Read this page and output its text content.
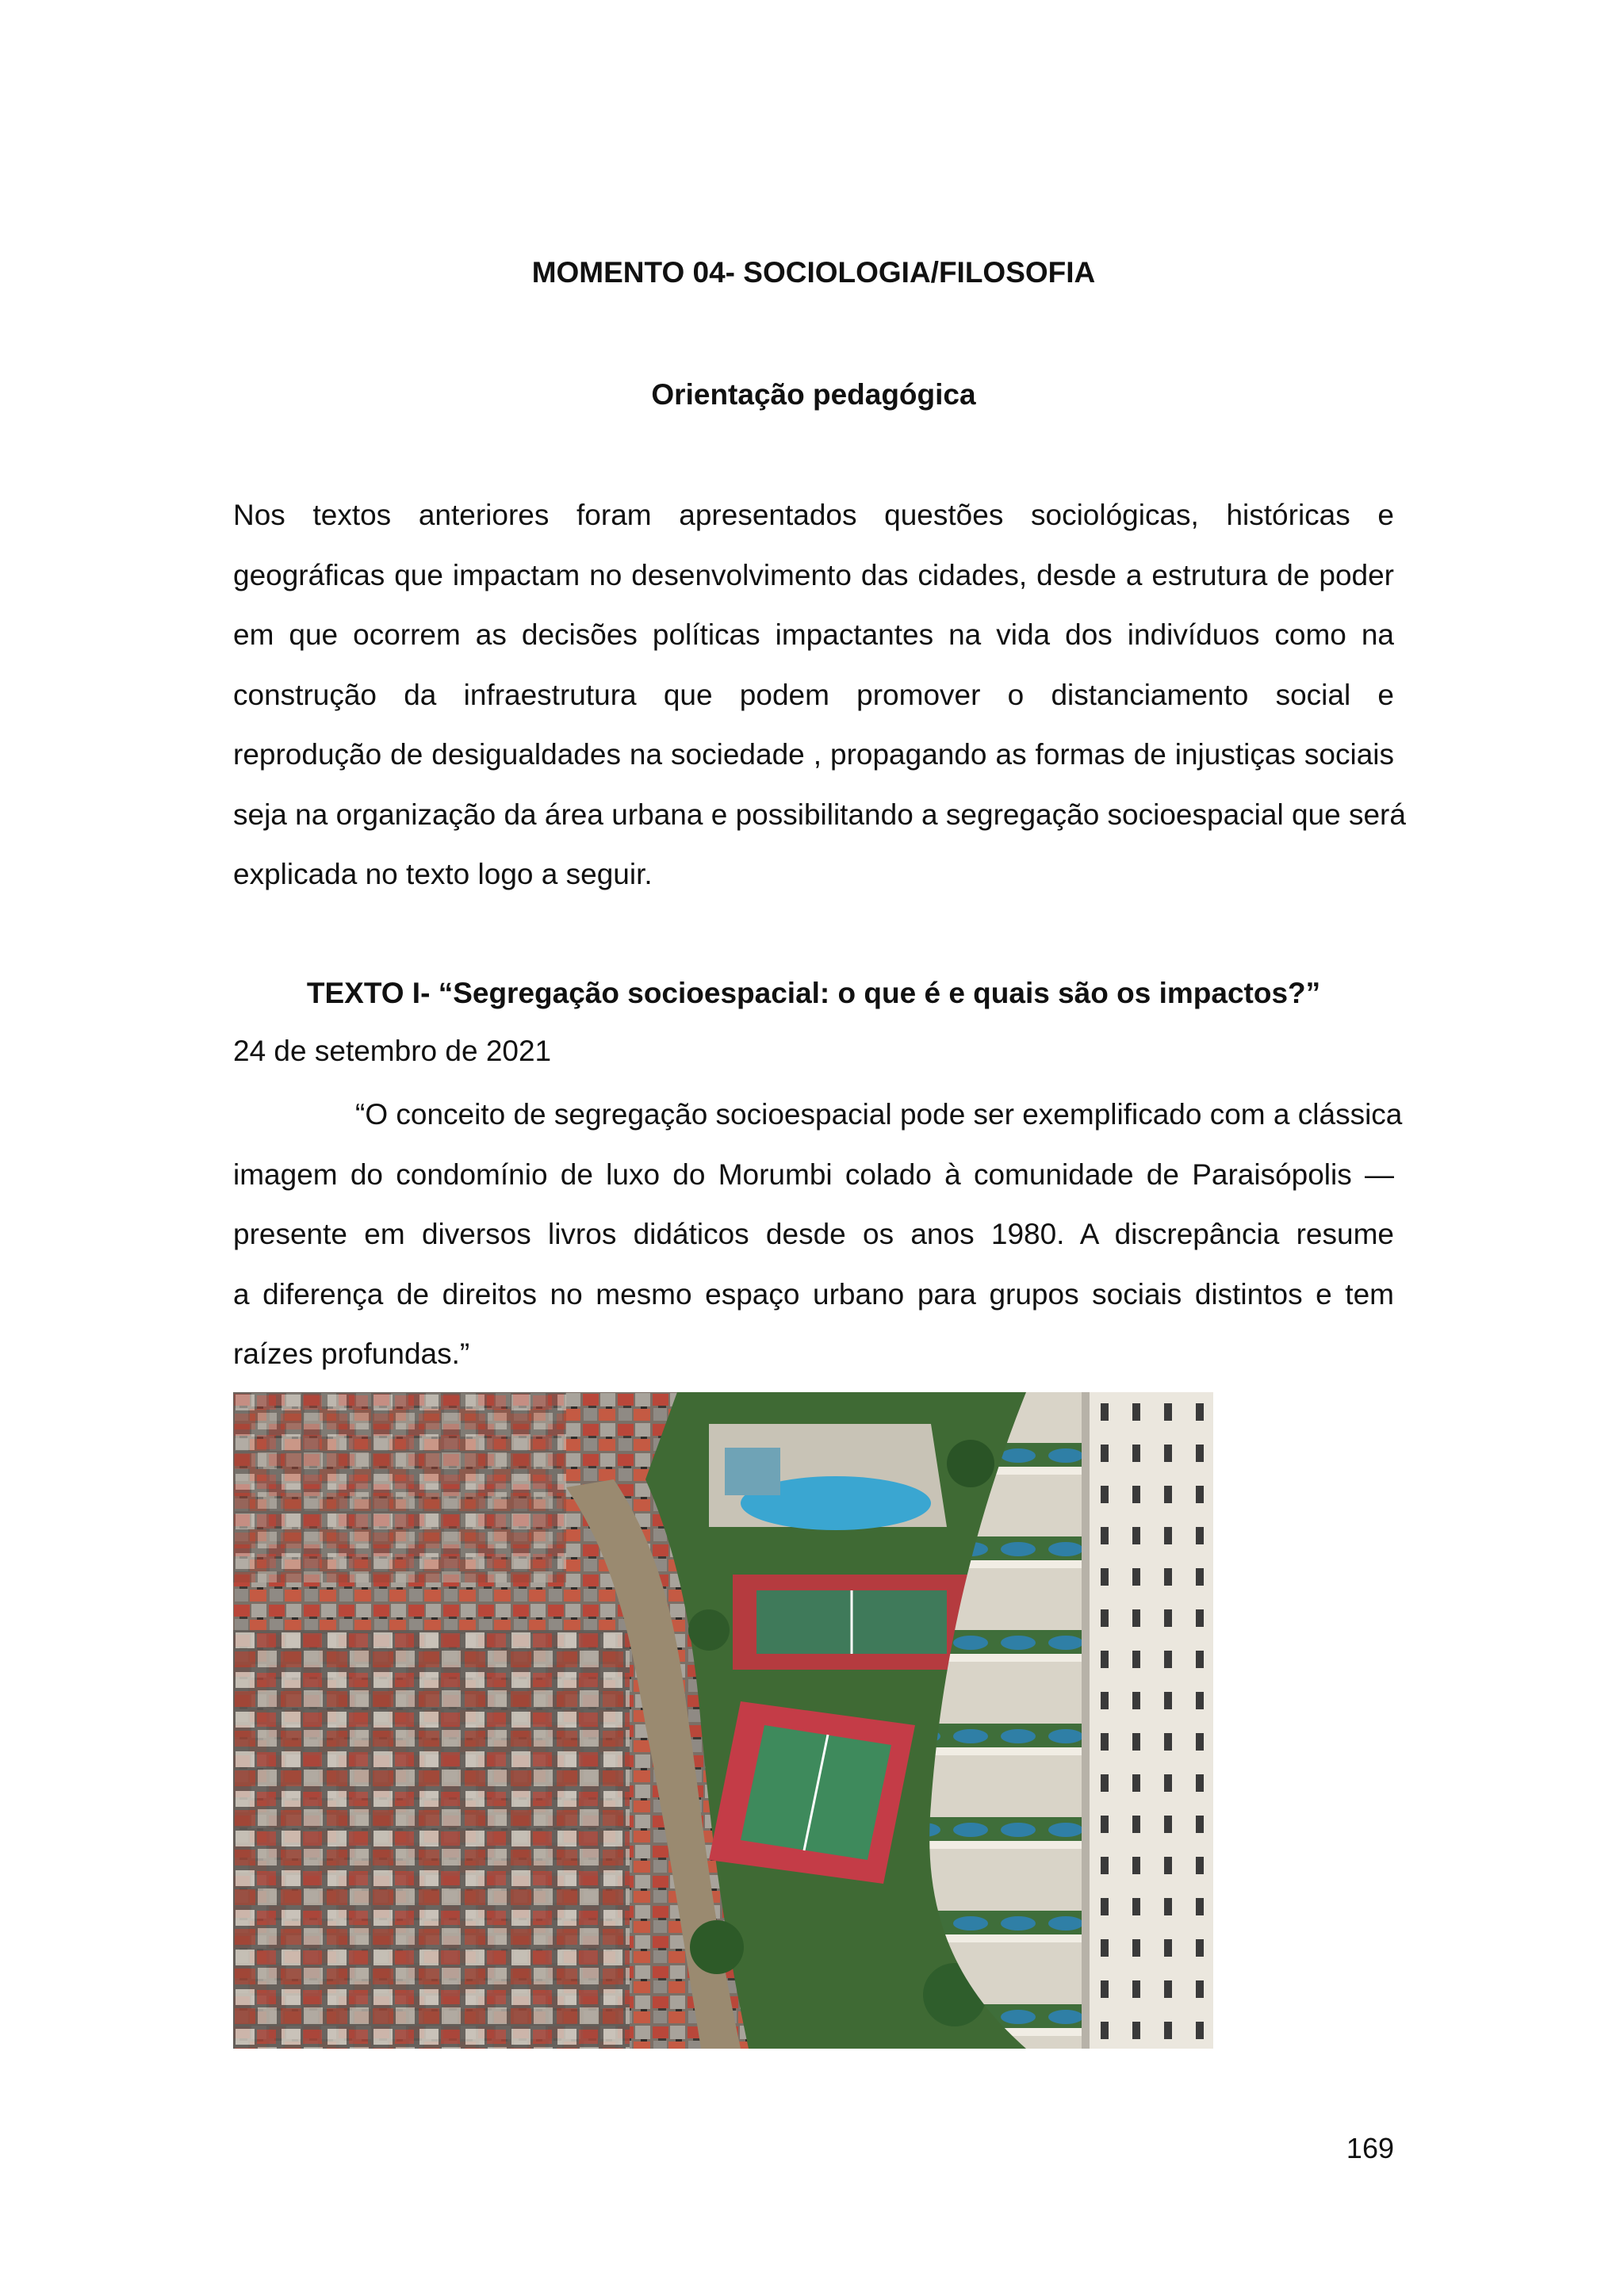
MOMENTO 04- SOCIOLOGIA/FILOSOFIA
Orientação pedagógica
Nos textos anteriores foram apresentados questões sociológicas, históricas e
geográficas que impactam no desenvolvimento das cidades, desde a estrutura de poder
em que ocorrem as decisões políticas impactantes na vida dos indivíduos como na
construção da infraestrutura que podem promover o distanciamento social e
reprodução de desigualdades na sociedade , propagando as formas de injustiças sociais
seja na organização da área urbana e possibilitando a segregação socioespacial que será
explicada no texto logo a seguir.
TEXTO I- “Segregação socioespacial: o que é e quais são os impactos?”

24 de setembro de 2021

“O conceito de segregação socioespacial pode ser exemplificado com a clássica
imagem do condomínio de luxo do Morumbi colado à comunidade de Paraisópolis —
presente em diversos livros didáticos desde os anos 1980. A discrepância resume
a diferença de direitos no mesmo espaço urbano para grupos sociais distintos e tem
raízes profundas.”
169
